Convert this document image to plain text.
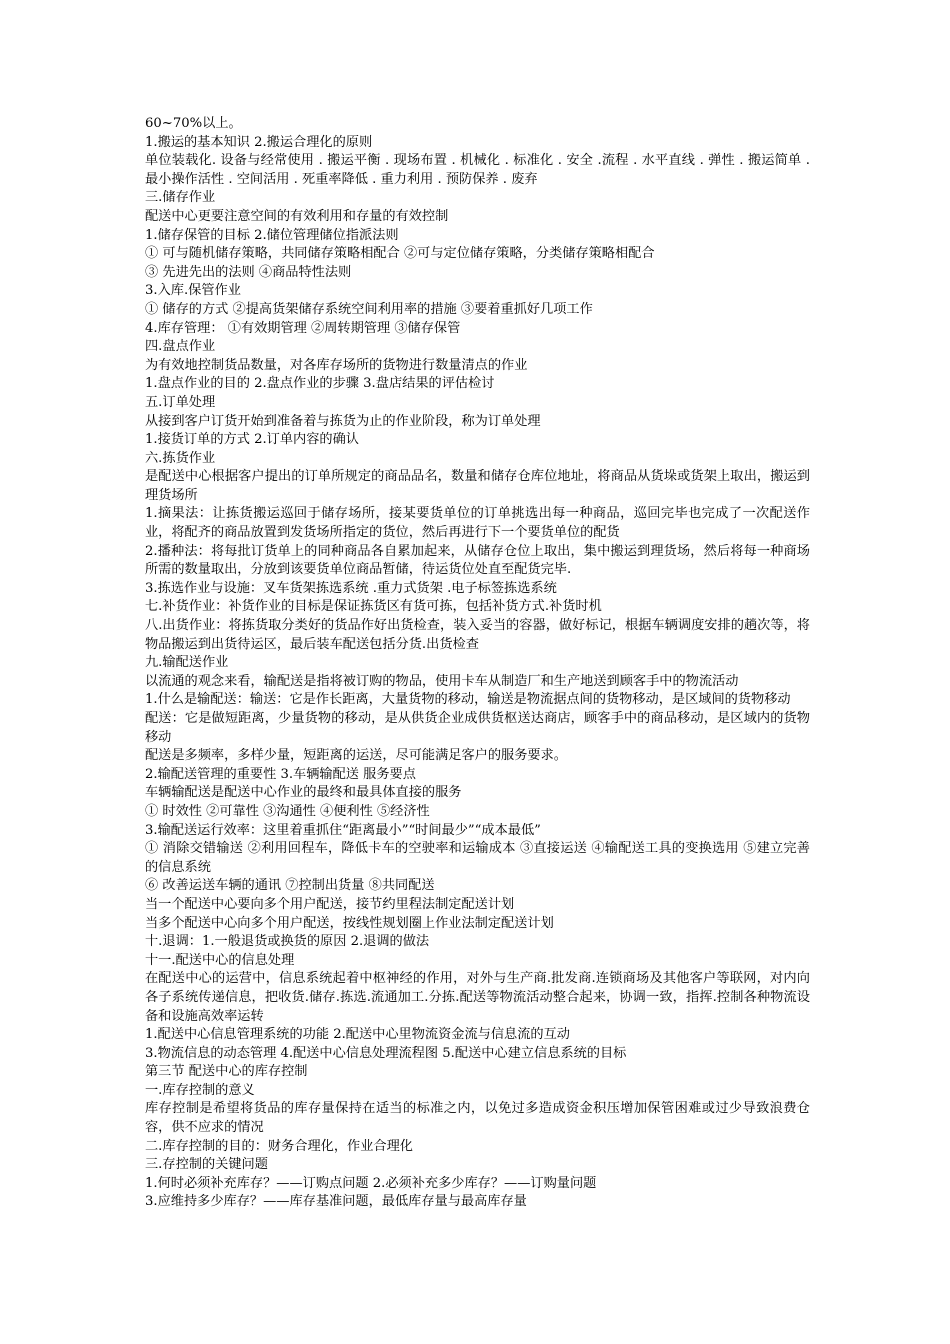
60~70%以上。

1.搬运的基本知识 2.搬运合理化的原则

单位装载化. 设备与经常使用 . 搬运平衡 . 现场布置 . 机械化 . 标准化 . 安全 .流程 . 水平直线 . 弹性 . 搬运简单 . 最小操作活性 . 空间活用 . 死重率降低 . 重力利用 . 预防保养 . 废弃

三.储存作业

配送中心更要注意空间的有效利用和存量的有效控制

1.储存保管的目标 2.储位管理储位指派法则

① 可与随机储存策略，共同储存策略相配合 ②可与定位储存策略，分类储存策略相配合

③ 先进先出的法则 ④商品特性法则

3.入库.保管作业

① 储存的方式 ②提高货架储存系统空间利用率的措施 ③要着重抓好几项工作

4.库存管理： ①有效期管理 ②周转期管理 ③储存保管

四.盘点作业

为有效地控制货品数量，对各库存场所的货物进行数量清点的作业

1.盘点作业的目的 2.盘点作业的步骤 3.盘店结果的评估检讨

五.订单处理

从接到客户订货开始到准备着与拣货为止的作业阶段，称为订单处理

1.接货订单的方式 2.订单内容的确认

六.拣货作业

是配送中心根据客户提出的订单所规定的商品品名，数量和储存仓库位地址，将商品从货垛或货架上取出，搬运到理货场所

1.摘果法：让拣货搬运巡回于储存场所，接某要货单位的订单挑选出每一种商品，巡回完毕也完成了一次配送作业，将配齐的商品放置到发货场所指定的货位，然后再进行下一个要货单位的配货

2.播种法：将每批订货单上的同种商品各自累加起来，从储存仓位上取出，集中搬运到理货场，然后将每一种商场所需的数量取出，分放到该要货单位商品暂储，待运货位处直至配货完毕.

3.拣选作业与设施：叉车货架拣选系统 .重力式货架 .电子标签拣选系统

七.补货作业：补货作业的目标是保证拣货区有货可拣，包括补货方式.补货时机

八.出货作业：将拣货取分类好的货品作好出货检查，装入妥当的容器，做好标记，根据车辆调度安排的趟次等，将物品搬运到出货待运区，最后装车配送包括分货.出货检查

九.输配送作业

以流通的观念来看，输配送是指将被订购的物品，使用卡车从制造厂和生产地送到顾客手中的物流活动

1.什么是输配送：输送：它是作长距离，大量货物的移动，输送是物流据点间的货物移动，是区域间的货物移动

配送：它是做短距离，少量货物的移动，是从供货企业成供货枢送达商店，顾客手中的商品移动，是区域内的货物移动

配送是多频率，多样少量，短距离的运送，尽可能满足客户的服务要求。

2.输配送管理的重要性 3.车辆输配送 服务要点

车辆输配送是配送中心作业的最终和最具体直接的服务

① 时效性 ②可靠性 ③沟通性 ④便利性 ⑤经济性

3.输配送运行效率：这里着重抓住“距离最小”“时间最少”“成本最低”

① 消除交错输送 ②利用回程车，降低卡车的空驶率和运输成本 ③直接运送 ④输配送工具的变换选用 ⑤建立完善的信息系统

⑥ 改善运送车辆的通讯 ⑦控制出货量 ⑧共同配送

当一个配送中心要向多个用户配送，接节约里程法制定配送计划

当多个配送中心向多个用户配送，按线性规划圈上作业法制定配送计划

十.退调：1.一般退货或换货的原因 2.退调的做法

十一.配送中心的信息处理

在配送中心的运营中，信息系统起着中枢神经的作用，对外与生产商.批发商.连锁商场及其他客户等联网，对内向各子系统传递信息，把收货.储存.拣选.流通加工.分拣.配送等物流活动整合起来，协调一致，指挥.控制各种物流设备和设施高效率运转

1.配送中心信息管理系统的功能 2.配送中心里物流资金流与信息流的互动

3.物流信息的动态管理 4.配送中心信息处理流程图 5.配送中心建立信息系统的目标

第三节 配送中心的库存控制

一.库存控制的意义

库存控制是希望将货品的库存量保持在适当的标准之内，以免过多造成资金积压增加保管困难或过少导致浪费仓容，供不应求的情况

二.库存控制的目的：财务合理化，作业合理化

三.存控制的关键问题

1.何时必须补充库存？——订购点问题 2.必须补充多少库存？——订购量问题

3.应维持多少库存？——库存基准问题，最低库存量与最高库存量
